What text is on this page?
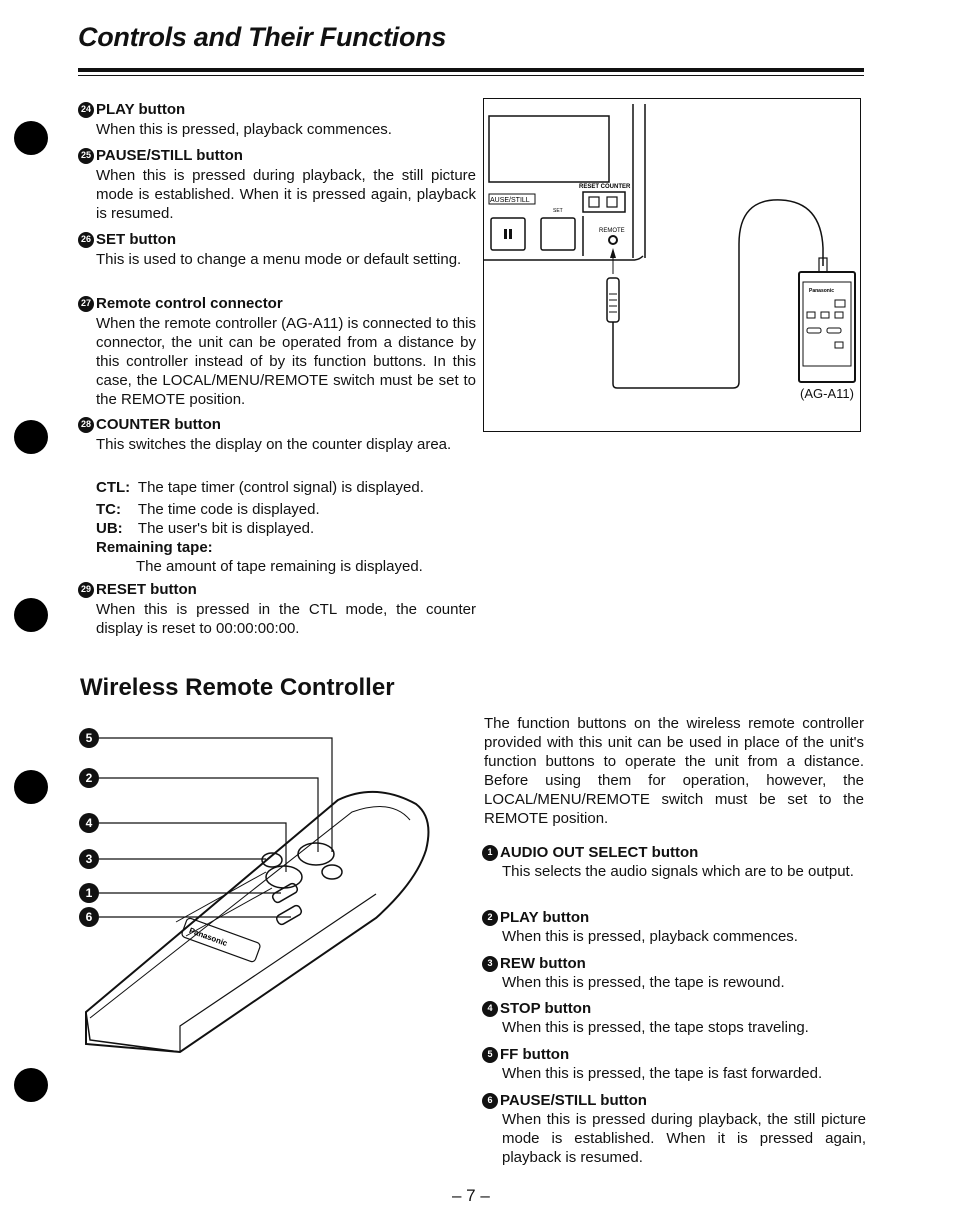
Controls and Their Functions
24 PLAY button
When this is pressed, playback commences.
25 PAUSE/STILL button
When this is pressed during playback, the still picture mode is established. When it is pressed again, playback is resumed.
26 SET button
This is used to change a menu mode or default setting.
27 Remote control connector
When the remote controller (AG-A11) is connected to this connector, the unit can be operated from a distance by this controller instead of by its function buttons. In this case, the LOCAL/MENU/REMOTE switch must be set to the REMOTE position.
28 COUNTER button
This switches the display on the counter display area.
CTL: The tape timer (control signal) is displayed.
TC: The time code is displayed.
UB: The user's bit is displayed.
Remaining tape:
The amount of tape remaining is displayed.
29 RESET button
When this is pressed in the CTL mode, the counter display is reset to 00:00:00:00.
AUSE/STILL
RESET COUNTER
SET
REMOTE
Panasonic
(AG-A11)
Wireless Remote Controller
5
2
4
3
1
6
Panasonic
The function buttons on the wireless remote controller provided with this unit can be used in place of the unit's function buttons to operate the unit from a distance. Before using them for operation, however, the LOCAL/MENU/REMOTE switch must be set to the REMOTE position.
1 AUDIO OUT SELECT button
This selects the audio signals which are to be output.
2 PLAY button
When this is pressed, playback commences.
3 REW button
When this is pressed, the tape is rewound.
4 STOP button
When this is pressed, the tape stops traveling.
5 FF button
When this is pressed, the tape is fast forwarded.
6 PAUSE/STILL button
When this is pressed during playback, the still picture mode is established. When it is pressed again, playback is resumed.
– 7 –
